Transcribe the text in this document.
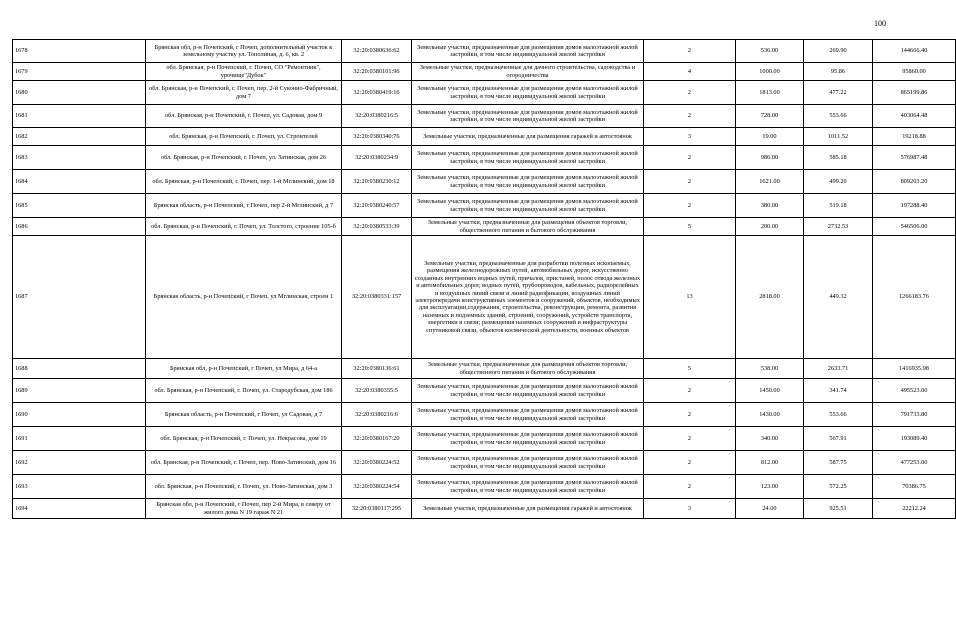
100
1678	Брянская обл, р-н Почепский, г Почеп, дополнительный участок к земельному участку ул. Тополиная, д. 6, кв. 2	32:20:0380636:62	Земельные участки, предназначенные для размещения домов малоэтажной жилой застройки, в том числе индивидуальной жилой застройки	2	536.00	269.90	144666.40
1679	обл. Брянская, р-н Почепский, г. Почеп, СО "Ремонтник", урочище"Дубок"	32:20:0380101:96	Земельные участки, предназначенные для дачного строительства, садоводства и огородничества	4	1000.00	95.86	95860.00
1680	обл. Брянская, р-н Почепский, г. Почеп, пер. 2-й Суконно-Фабричный, дом 7	32:20:0380419:16	Земельные участки, предназначенные для размещения домов малоэтажной жилой застройки, в том числе индивидуальной жилой застройки	2	1813.00	477.22	865199.86
1681	обл. Брянская, р-н Почепский, г. Почеп, ул. Садовая, дом 9	32:20:0380216:5	Земельные участки, предназначенные для размещения домов малоэтажной жилой застройки, в том числе индивидуальной жилой застройки	2	728.00	553.66	403064.48
1682	обл. Брянская, р-н Почепский, г. Почеп, ул. Строителей	32:20:0380340:76	Земельные участки, предназначенные для размещения гаражей и автостоянок	3	19.00	1011.52	19218.88
1683	обл. Брянская, р-н Почепский, г. Почеп, ул. Затинская, дом 26	32:20:0380234:9	Земельные участки, предназначенные для размещения домов малоэтажной жилой застройки, в том числе индивидуальной жилой застройки	2	986.00	585.18	576987.48
1684	обл. Брянская, р-н Почепский, г. Почеп, пер. 1-й Мглинский, дом 18	32:20:0380230:12	Земельные участки, предназначенные для размещения домов малоэтажной жилой застройки, в том числе индивидуальной жилой застройки	2	1621.00	499.20	809203.20
1685	Брянская область, р-н Почепский, г Почеп, пер 2-й Мглинский, д 7	32:20:0380240:57	Земельные участки, предназначенные для размещения домов малоэтажной жилой застройки, в том числе индивидуальной жилой застройки	2	380.00	519.18	197288.40
1686	обл. Брянская, р-н Почепский, г. Почеп, ул. Толстого, строение 105-б	32:20:0380533:39	Земельные участки, предназначенные для размещения объектов торговли, общественного питания и бытового обслуживания	5	200.00	2732.53	546506.00
1687	Брянская область, р-н Почепский, г Почеп, ул Мглинская, строен 1	32:20:0380331:157	Земельные участки, предназначенные для разработки полезных ископаемых, размещения железнодорожных путей, автомобильных дорог, искусственно созданных внутренних водных путей, причалов, пристаней, полос отвода железных и автомобильных дорог, водных путей, трубопроводов, кабельных, радиорелейных и воздушных линий связи и линий радиофикации, воздушных линий электропередачи конструктивных элементов и сооружений, объектов, необходимых для эксплуатации,содержания, строительства, реконструкции, ремонта, развития наземных и подземных зданий, строений, сооружений, устройств транспорта, энергетики и связи; размещения наземных сооружений и инфраструктуры спутниковой связи, объектов космической деятельности, военных объектов	13	2818.00	449.32	1266183.76
1688	Брянская обл, р-н Почепский, г Почеп, ул Мира, д 64-а	32:20:0380136:61	Земельные участки, предназначенные для размещения объектов торговли, общественного питания и бытового обслуживания	5	538.00	2633.71	1416935.98
1689	обл. Брянская, р-н Почепский, г. Почеп, ул. Стародубская, дом 186	32:20:0380355:5	Земельные участки, предназначенные для размещения домов малоэтажной жилой застройки, в том числе индивидуальной жилой застройки	2	1450.00	341.74	495523.00
1690	Брянская область, р-н Почепский, г Почеп, ул Садовая, д 7	32:20:0380216:6	Земельные участки, предназначенные для размещения домов малоэтажной жилой застройки, в том числе индивидуальной жилой застройки	2	1430.00	553.66	791733.80
1691	обл. Брянская, р-н Почепский, г. Почеп, ул. Некрасова, дом 19	32:20:0380167:20	Земельные участки, предназначенные для размещения домов малоэтажной жилой застройки, в том числе индивидуальной жилой застройки	2	340.00	567.91	193089.40
1692	обл. Брянская, р-н Почепский, г. Почеп, пер. Ново-Затинский, дом 16	32:20:0380224:52	Земельные участки, предназначенные для размещения домов малоэтажной жилой застройки, в том числе индивидуальной жилой застройки	2	812.00	587.75	477253.00
1693	обл. Брянская, р-н Почепский, г. Почеп, ул. Ново-Затинская, дом 3	32:20:0380224:54	Земельные участки, предназначенные для размещения домов малоэтажной жилой застройки, в том числе индивидуальной жилой застройки	2	123.00	572.25	70386.75
1694	Брянская обл, р-н Почепский, г Почеп, пер 2-й Мира, в северу от жилого дома N 19 гараж N 21	32:20:0380117:295	Земельные участки, предназначенные для размещения гаражей и автостоянок	3	24.00	925.51	22212.24
